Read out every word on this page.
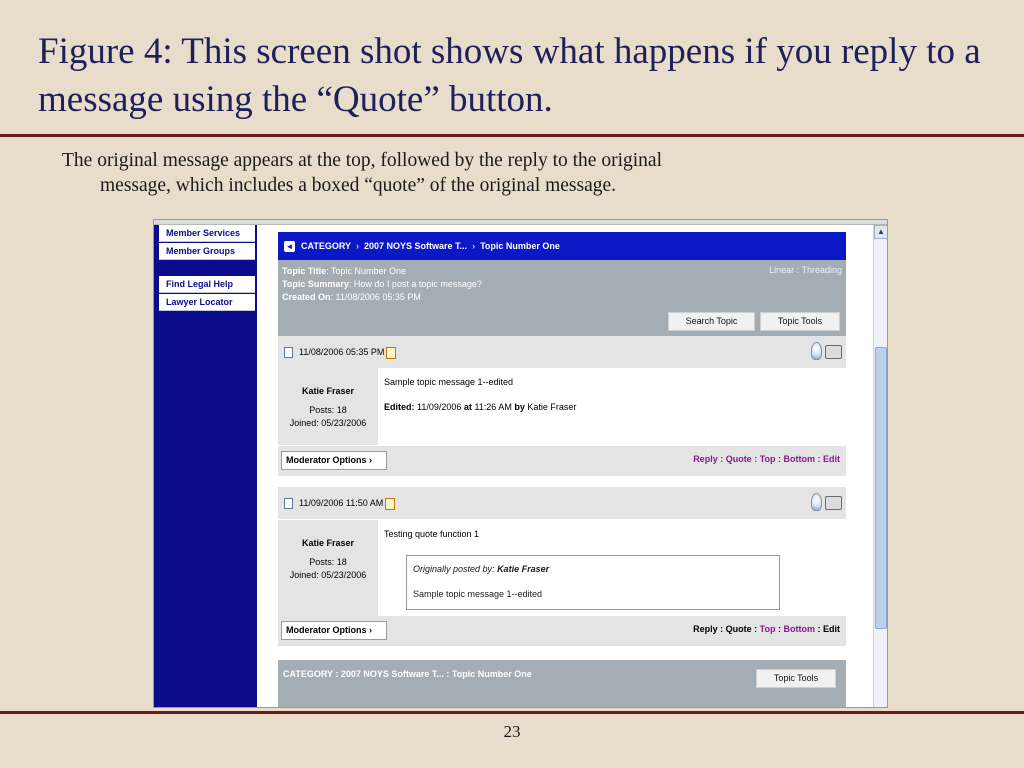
Figure 4: This screen shot shows what happens if you reply to a message using the “Quote” button.
The original message appears at the top, followed by the reply to the original
message, which includes a boxed “quote” of the original message.
Member Services
Member Groups
Find Legal Help
Lawyer Locator
◄ CATEGORY › 2007 NOYS Software T... › Topic Number One
Topic Title: Topic Number One
Topic Summary: How do I post a topic message?
Created On: 11/08/2006 05:35 PM
Linear : Threading
Search Topic	Topic Tools
11/08/2006 05:35 PM
Katie Fraser
Posts: 18
Joined: 05/23/2006
Sample topic message 1--edited
Edited: 11/09/2006 at 11:26 AM by Katie Fraser
Moderator Options ›	Reply : Quote : Top : Bottom : Edit
11/09/2006 11:50 AM
Katie Fraser
Posts: 18
Joined: 05/23/2006
Testing quote function 1
Originally posted by: Katie Fraser
Sample topic message 1--edited
Moderator Options ›	Reply : Quote : Top : Bottom : Edit
CATEGORY : 2007 NOYS Software T... : Topic Number One	Topic Tools
▲
23
